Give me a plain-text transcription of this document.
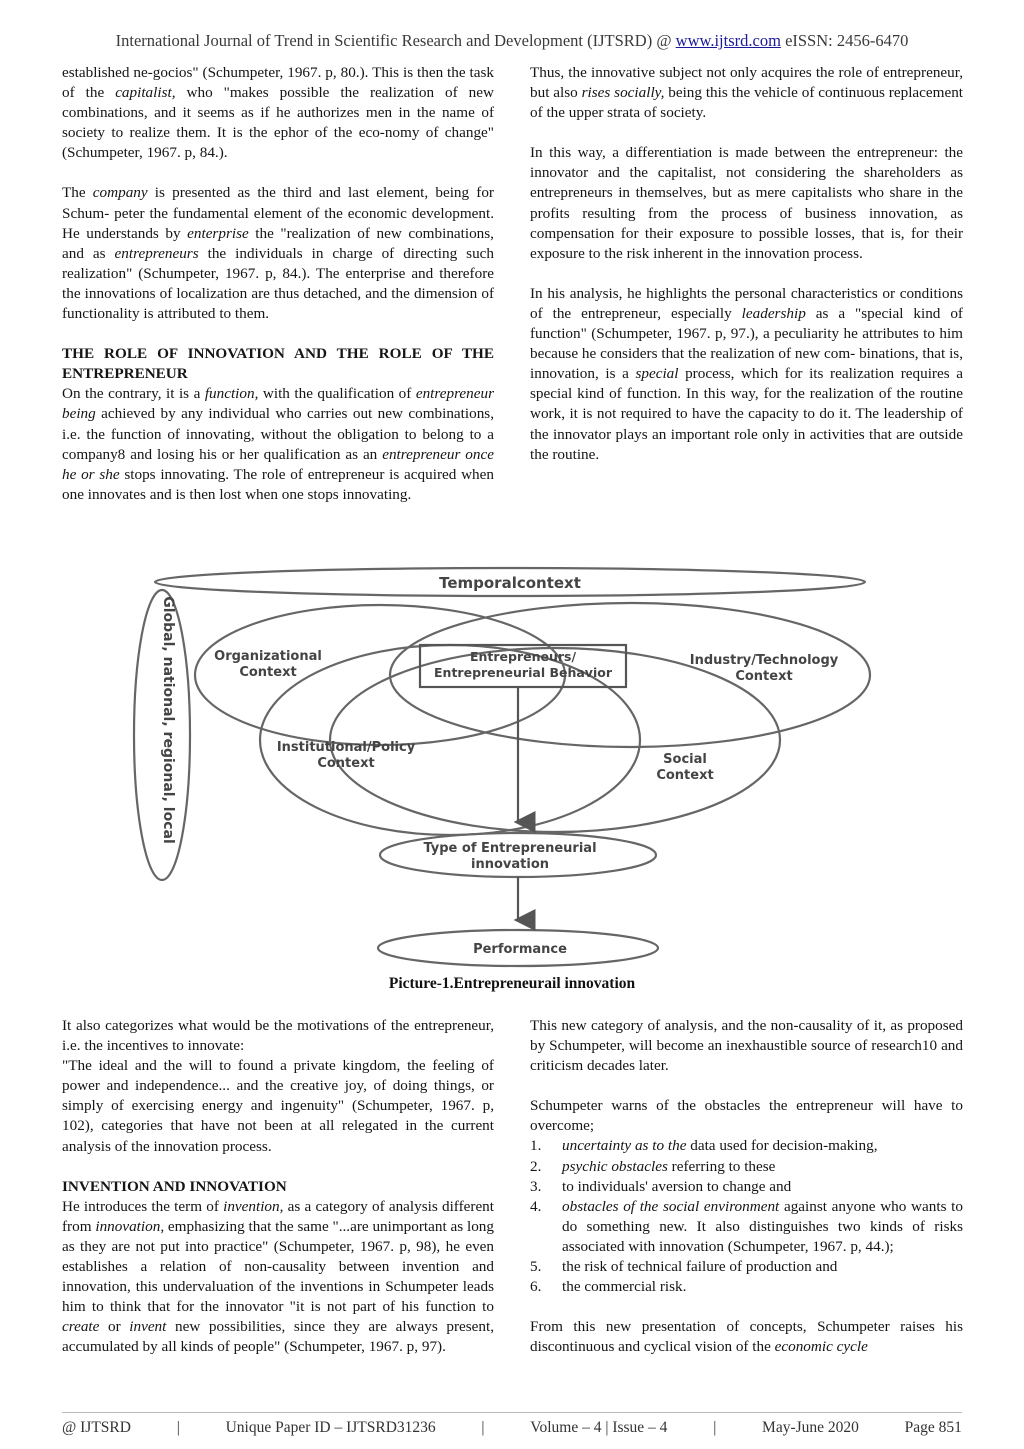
International Journal of Trend in Scientific Research and Development (IJTSRD) @ www.ijtsrd.com eISSN: 2456-6470

established ne-gocios" (Schumpeter, 1967. p, 80.). This is then the task of the capitalist, who "makes possible the realization of new combinations, and it seems as if he authorizes men in the name of society to realize them. It is the ephor of the eco-nomy of change" (Schumpeter, 1967. p, 84.).

The company is presented as the third and last element, being for Schum- peter the fundamental element of the economic development. He understands by enterprise the "realization of new combinations, and as entrepreneurs the individuals in charge of directing such realization" (Schumpeter, 1967. p, 84.). The enterprise and therefore the innovations of localization are thus detached, and the dimension of functionality is attributed to them.

THE ROLE OF INNOVATION AND THE ROLE OF THE ENTREPRENEUR

On the contrary, it is a function, with the qualification of entrepreneur being achieved by any individual who carries out new combinations, i.e. the function of innovating, without the obligation to belong to a company8 and losing his or her qualification as an entrepreneur once he or she stops innovating. The role of entrepreneur is acquired when one innovates and is then lost when one stops innovating.

Thus, the innovative subject not only acquires the role of entrepreneur, but also rises socially, being this the vehicle of continuous replacement of the upper strata of society.

In this way, a differentiation is made between the entrepreneur: the innovator and the capitalist, not considering the shareholders as entrepreneurs in themselves, but as mere capitalists who share in the profits resulting from the process of business innovation, as compensation for their exposure to possible losses, that is, for their exposure to the risk inherent in the innovation process.

In his analysis, he highlights the personal characteristics or conditions of the entrepreneur, especially leadership as a "special kind of function" (Schumpeter, 1967. p, 97.), a peculiarity he attributes to him because he considers that the realization of new com- binations, that is, innovation, is a special process, which for its realization requires a special kind of function. In this way, for the realization of the routine work, it is not required to have the capacity to do it. The leadership of the innovator plays an important role only in activities that are outside the routine.

Temporalcontext
Global, national, regional, local	Organizational
Context
Entrepreneurs/
Entrepreneurial Behavior
Industry/Technology
Context
Institutional/Policy
Context	Social
Context
Type of Entrepreneurial
innovation
Performance
Picture-1.Entrepreneurail innovation

It also categorizes what would be the motivations of the entrepreneur, i.e. the incentives to innovate:

"The ideal and the will to found a private kingdom, the feeling of power and independence... and the creative joy, of doing things, or simply of exercising energy and ingenuity" (Schumpeter, 1967. p, 102), categories that have not been at all relegated in the current analysis of the innovation process.

INVENTION AND INNOVATION

He introduces the term of invention, as a category of analysis different from innovation, emphasizing that the same "...are unimportant as long as they are not put into practice" (Schumpeter, 1967. p, 98), he even establishes a relation of non-causality between invention and innovation, this undervaluation of the inventions in Schumpeter leads him to think that for the innovator "it is not part of his function to create or invent new possibilities, since they are always present, accumulated by all kinds of people" (Schumpeter, 1967. p, 97).

This new category of analysis, and the non-causality of it, as proposed by Schumpeter, will become an inexhaustible source of research10 and criticism decades later.

Schumpeter warns of the obstacles the entrepreneur will have to overcome;

1. uncertainty as to the data used for decision-making,
2. psychic obstacles referring to these
3. to individuals' aversion to change and
4. obstacles of the social environment against anyone who wants to do something new. It also distinguishes two kinds of risks associated with innovation (Schumpeter, 1967. p, 44.);
5. the risk of technical failure of production and
6. the commercial risk.

From this new presentation of concepts, Schumpeter raises his discontinuous and cyclical vision of the economic cycle

@ IJTSRD	|	Unique Paper ID – IJTSRD31236	|	Volume – 4 | Issue – 4	|	May-June 2020	Page 851
